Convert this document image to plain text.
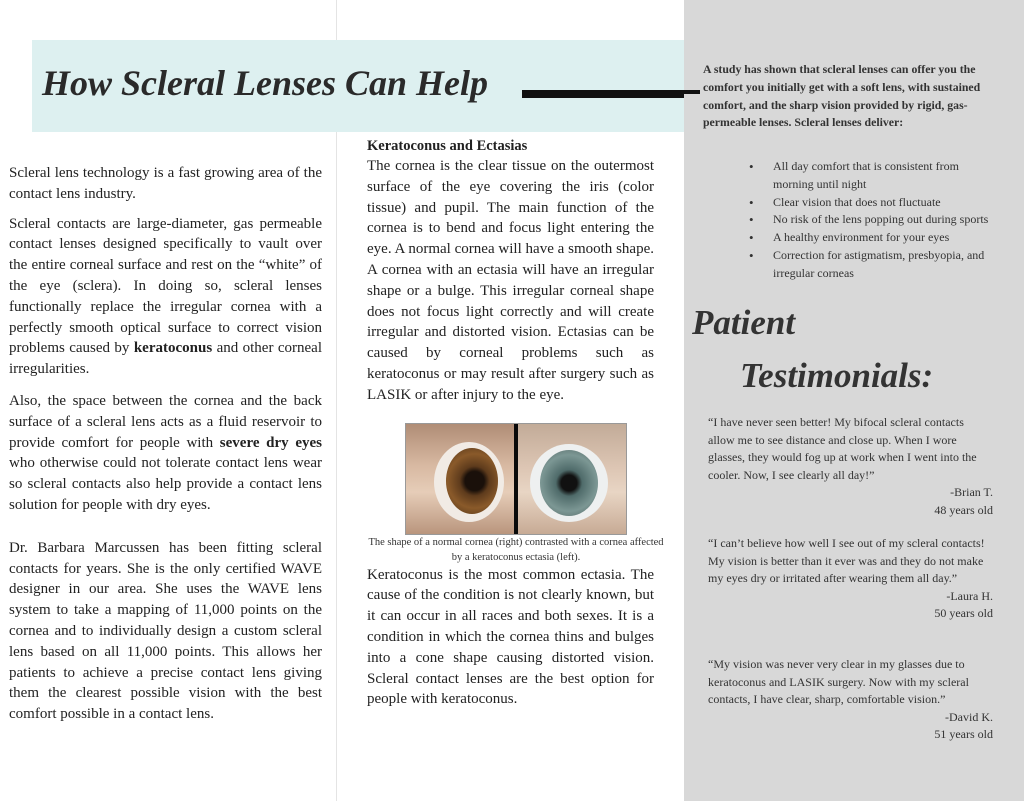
How Scleral Lenses Can Help

Scleral lens technology is a fast growing area of the contact lens industry.

Scleral contacts are large-diameter, gas permeable contact lenses designed specifically to vault over the entire corneal surface and rest on the “white” of the eye (sclera). In doing so, scleral lenses functionally replace the irregular cornea with a perfectly smooth optical surface to correct vision problems caused by keratoconus and other corneal irregularities.

Also, the space between the cornea and the back surface of a scleral lens acts as a fluid reservoir to provide comfort for people with severe dry eyes who otherwise could not tolerate contact lens wear so scleral contacts also help provide a contact lens solution for people with dry eyes.

Dr. Barbara Marcussen has been fitting scleral contacts for years. She is the only certified WAVE designer in our area. She uses the WAVE lens system to take a mapping of 11,000 points on the cornea and to individually design a custom scleral lens based on all 11,000 points. This allows her patients to achieve a precise contact lens giving them the clearest possible vision with the best comfort possible in a contact lens.

Keratoconus and Ectasias

The cornea is the clear tissue on the outermost surface of the eye covering the iris (color tissue) and pupil. The main function of the cornea is to bend and focus light entering the eye. A normal cornea will have a smooth shape. A cornea with an ectasia will have an irregular shape or a bulge. This irregular corneal shape does not focus light correctly and will create irregular and distorted vision. Ectasias can be caused by corneal problems such as keratoconus or may result after surgery such as LASIK or after injury to the eye.

The shape of a normal cornea (right) contrasted with a cornea affected by a keratoconus ectasia (left).

Keratoconus is the most common ectasia. The cause of the condition is not clearly known, but it can occur in all races and both sexes. It is a condition in which the cornea thins and bulges into a cone shape causing distorted vision. Scleral contact lenses are the best option for people with keratoconus.

A study has shown that scleral lenses can offer you the comfort you initially get with a soft lens, with sustained comfort, and the sharp vision provided by rigid, gas-permeable lenses. Scleral lenses deliver:
• All day comfort that is consistent from morning until night
• Clear vision that does not fluctuate
• No risk of the lens popping out during sports
• A healthy environment for your eyes
• Correction for astigmatism, presbyopia, and irregular corneas
Patient
Testimonials:

“I have never seen better! My bifocal scleral contacts allow me to see distance and close up. When I wore glasses, they would fog up at work when I went into the cooler. Now, I see clearly all day!”

-Brian T.

48 years old

“I can’t believe how well I see out of my scleral contacts! My vision is better than it ever was and they do not make my eyes dry or irritated after wearing them all day.”

-Laura H.

50 years old

“My vision was never very clear in my glasses due to keratoconus and LASIK surgery. Now with my scleral contacts, I have clear, sharp, comfortable vision.”

-David K.

51 years old
